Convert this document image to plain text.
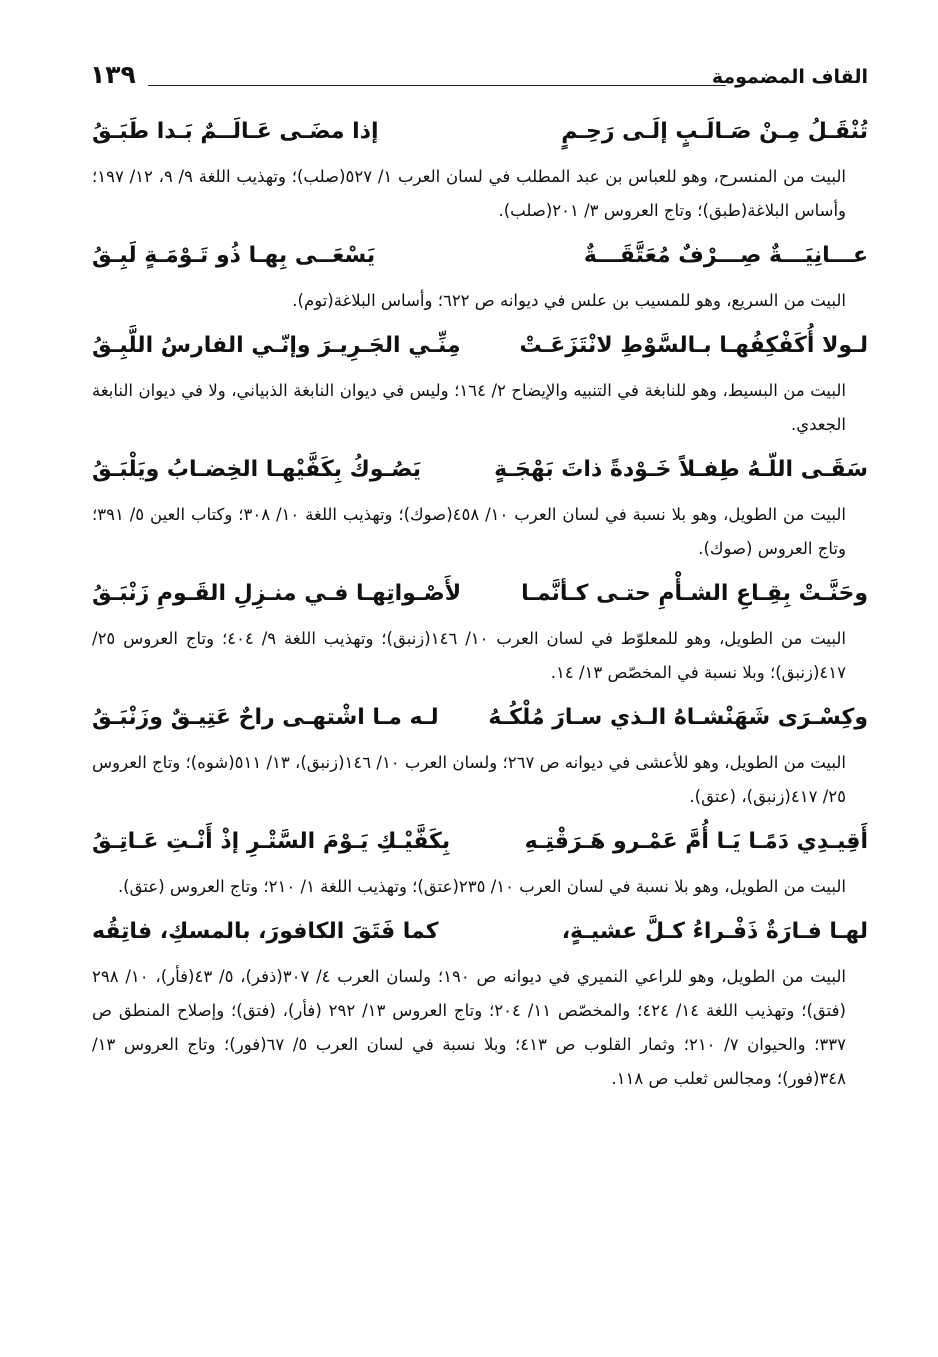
القاف المضمومة
١٣٩
تُنْقَـلُ مِـنْ صَـالَـبٍ إلَـى رَحِـمٍ
إذا مضَـى عَـالَــمٌ بَـدا طَبَـقُ

البيت من المنسرح، وهو للعباس بن عبد المطلب في لسان العرب ١/ ٥٢٧(صلب)؛ وتهذيب اللغة ٩/ ٩، ١٢/ ١٩٧؛ وأساس البلاغة(طبق)؛ وتاج العروس ٣/ ٢٠١(صلب).

عـــانِيَـــةٌ صِـــرْفٌ مُعَتَّقَـــةٌ
يَسْعَــى بِهـا ذُو تَـوْمَـةٍ لَبِـقُ

البيت من السريع، وهو للمسيب بن علس في ديوانه ص ٦٢٢؛ وأساس البلاغة(توم).

لـولا أُكَفْكِفُهـا بـالسَّوْطِ لانْتَزَعَـتْ
مِنِّـي الجَـرِيـرَ وإنّـي الفارسُ اللَّبِـقُ

البيت من البسيط، وهو للنابغة في التنبيه والإيضاح ٢/ ١٦٤؛ وليس في ديوان النابغة الذبياني، ولا في ديوان النابغة الجعدي.

سَقَـى اللّـهُ طِفـلاً خَـوْدةً ذاتَ بَهْجَـةٍ
يَصُـوكُ بِكَفَّيْهـا الخِضـابُ ويَلْبَـقُ

البيت من الطويل، وهو بلا نسبة في لسان العرب ١٠/ ٤٥٨(صوك)؛ وتهذيب اللغة ١٠/ ٣٠٨؛ وكتاب العين ٥/ ٣٩١؛ وتاج العروس (صوك).

وحَنَّـتْ بِقِـاعِ الشـأْمِ حتـى كـأنَّمـا
لأَصْـواتِهـا فـي منـزِلِ القَـومِ زَنْبَـقُ

البيت من الطويل، وهو للمعلوّط في لسان العرب ١٠/ ١٤٦(زنبق)؛ وتهذيب اللغة ٩/ ٤٠٤؛ وتاج العروس ٢٥/ ٤١٧(زنبق)؛ وبلا نسبة في المخصّص ١٣/ ١٤.

وكِسْـرَى شَهَنْشـاهُ الـذي سـارَ مُلْكُـهُ
لـه مـا اشْتهـى راحٌ عَتِيـقٌ وزَنْبَـقُ

البيت من الطويل، وهو للأعشى في ديوانه ص ٢٦٧؛ ولسان العرب ١٠/ ١٤٦(زنبق)، ١٣/ ٥١١(شوه)؛ وتاج العروس ٢٥/ ٤١٧(زنبق)، (عتق).

أَقِيـدِي دَمًـا يَـا أُمَّ عَمْـرو هَـرَقْتِـهِ
بِكَفَّيْـكِ يَـوْمَ السَّتْـرِ إذْ أَنْـتِ عَـاتِـقُ

البيت من الطويل، وهو بلا نسبة في لسان العرب ١٠/ ٢٣٥(عتق)؛ وتهذيب اللغة ١/ ٢١٠؛ وتاج العروس (عتق).

لهـا فـارَةٌ ذَفْـراءُ كـلَّ عشيـةٍ،
كما فَتَقَ الكافورَ، بالمسكِ، فاتِقُه

البيت من الطويل، وهو للراعي النميري في ديوانه ص ١٩٠؛ ولسان العرب ٤/ ٣٠٧(ذفر)، ٥/ ٤٣(فأر)، ١٠/ ٢٩٨ (فتق)؛ وتهذيب اللغة ١٤/ ٤٢٤؛ والمخصّص ١١/ ٢٠٤؛ وتاج العروس ١٣/ ٢٩٢ (فأر)، (فتق)؛ وإصلاح المنطق ص ٣٣٧؛ والحيوان ٧/ ٢١٠؛ وثمار القلوب ص ٤١٣؛ وبلا نسبة في لسان العرب ٥/ ٦٧(فور)؛ وتاج العروس ١٣/ ٣٤٨(فور)؛ ومجالس ثعلب ص ١١٨.
